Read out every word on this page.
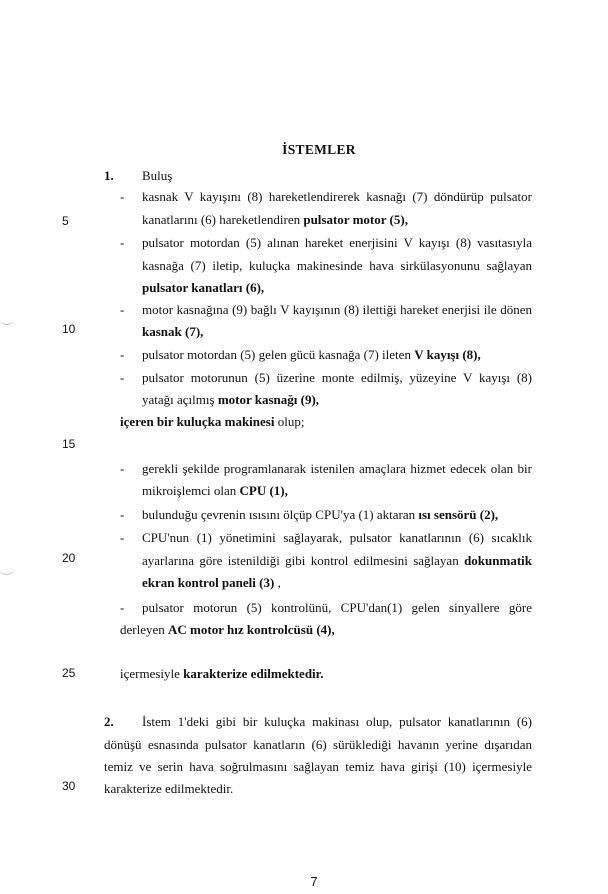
İSTEMLER
5
10
15
20
25
30
1. Buluş
- kasnak V kayışını (8) hareketlendirerek kasnağı (7) döndürüp pulsator
kanatlarını (6) hareketlendiren pulsator motor (5),
- pulsator motordan (5) alınan hareket enerjisini V kayışı (8) vasıtasıyla
kasnağa (7) iletip, kuluçka makinesinde hava sirkülasyonunu sağlayan
pulsator kanatları (6),
- motor kasnağına (9) bağlı V kayışının (8) ilettiği hareket enerjisi ile dönen
kasnak (7),
- pulsator motordan (5) gelen gücü kasnağa (7) ileten V kayışı (8),
- pulsator motorunun (5) üzerine monte edilmiş, yüzeyine V kayışı (8)
yatağı açılmış motor kasnağı (9),
içeren bir kuluçka makinesi olup;
- gerekli şekilde programlanarak istenilen amaçlara hizmet edecek olan bir
mikroişlemci olan CPU (1),
- bulunduğu çevrenin ısısını ölçüp CPU'ya (1) aktaran ısı sensörü (2),
- CPU'nun (1) yönetimini sağlayarak, pulsator kanatlarının (6) sıcaklık
ayarlarına göre istenildiği gibi kontrol edilmesini sağlayan dokunmatik
ekran kontrol paneli (3) ,
- pulsator motorun (5) kontrolünü, CPU'dan(1) gelen sinyallere göre
derleyen AC motor hız kontrolcüsü (4),
içermesiyle karakterize edilmektedir.
2. İstem 1'deki gibi bir kuluçka makinası olup, pulsator kanatlarının (6)
dönüşü esnasında pulsator kanatların (6) sürüklediği havanın yerine dışarıdan
temiz ve serin hava soğrulmasını sağlayan temiz hava girişi (10) içermesiyle
karakterize edilmektedir.
7
